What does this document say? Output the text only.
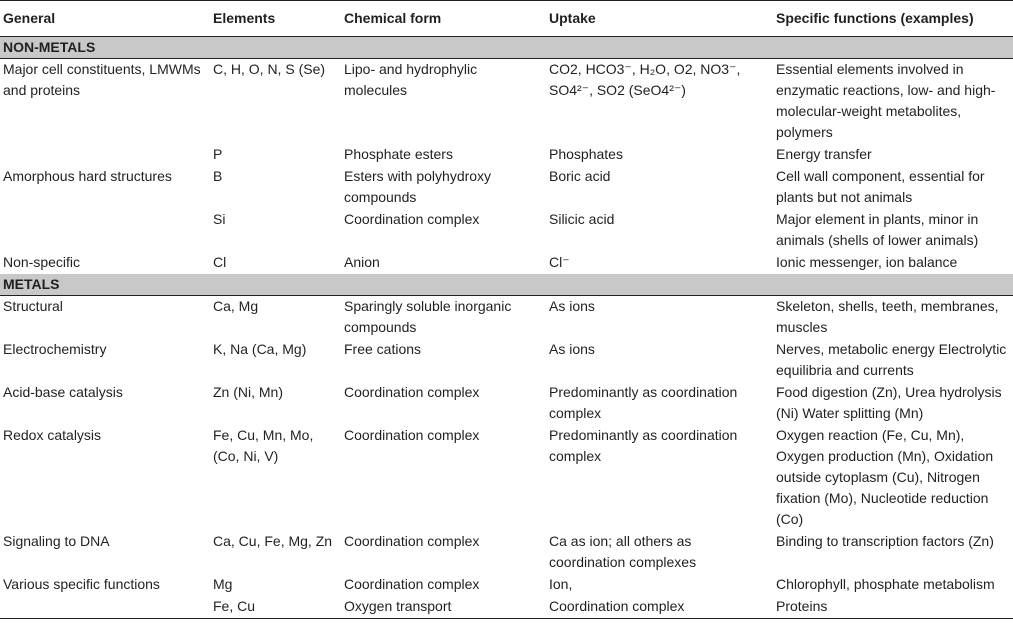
General	Elements	Chemical form	Uptake	Specific functions (examples)
NON-METALS				
Major cell constituents, LMWMs and proteins	C, H, O, N, S (Se)	Lipo- and hydrophylic molecules	CO2, HCO3⁻, H₂O, O2, NO3⁻, SO4²⁻, SO2 (SeO4²⁻)	Essential elements involved in enzymatic reactions, low- and high-molecular-weight metabolites, polymers
	P	Phosphate esters	Phosphates	Energy transfer
Amorphous hard structures	B	Esters with polyhydroxy compounds	Boric acid	Cell wall component, essential for plants but not animals
	Si	Coordination complex	Silicic acid	Major element in plants, minor in animals (shells of lower animals)
Non-specific	Cl	Anion	Cl⁻	Ionic messenger, ion balance
METALS				
Structural	Ca, Mg	Sparingly soluble inorganic compounds	As ions	Skeleton, shells, teeth, membranes, muscles
Electrochemistry	K, Na (Ca, Mg)	Free cations	As ions	Nerves, metabolic energy Electrolytic equilibria and currents
Acid-base catalysis	Zn (Ni, Mn)	Coordination complex	Predominantly as coordination complex	Food digestion (Zn), Urea hydrolysis (Ni) Water splitting (Mn)
Redox catalysis	Fe, Cu, Mn, Mo, (Co, Ni, V)	Coordination complex	Predominantly as coordination complex	Oxygen reaction (Fe, Cu, Mn), Oxygen production (Mn), Oxidation outside cytoplasm (Cu), Nitrogen fixation (Mo), Nucleotide reduction (Co)
Signaling to DNA	Ca, Cu, Fe, Mg, Zn	Coordination complex	Ca as ion; all others as coordination complexes	Binding to transcription factors (Zn)
Various specific functions	Mg	Coordination complex	Ion,	Chlorophyll, phosphate metabolism
	Fe, Cu	Oxygen transport	Coordination complex	Proteins
